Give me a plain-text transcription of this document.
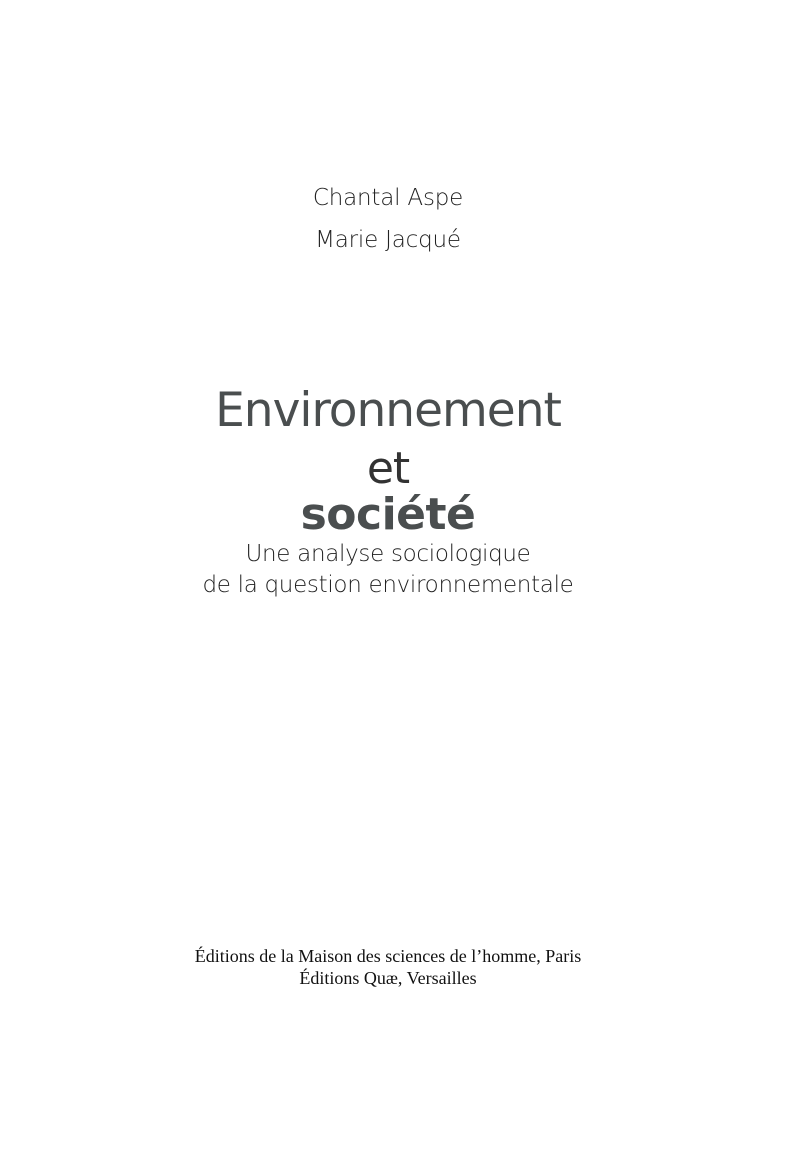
Chantal Aspe
Marie Jacqué
Environnement
et
société
Une analyse sociologique
de la question environnementale
Éditions de la Maison des sciences de l’homme, Paris
Éditions Quæ, Versailles
